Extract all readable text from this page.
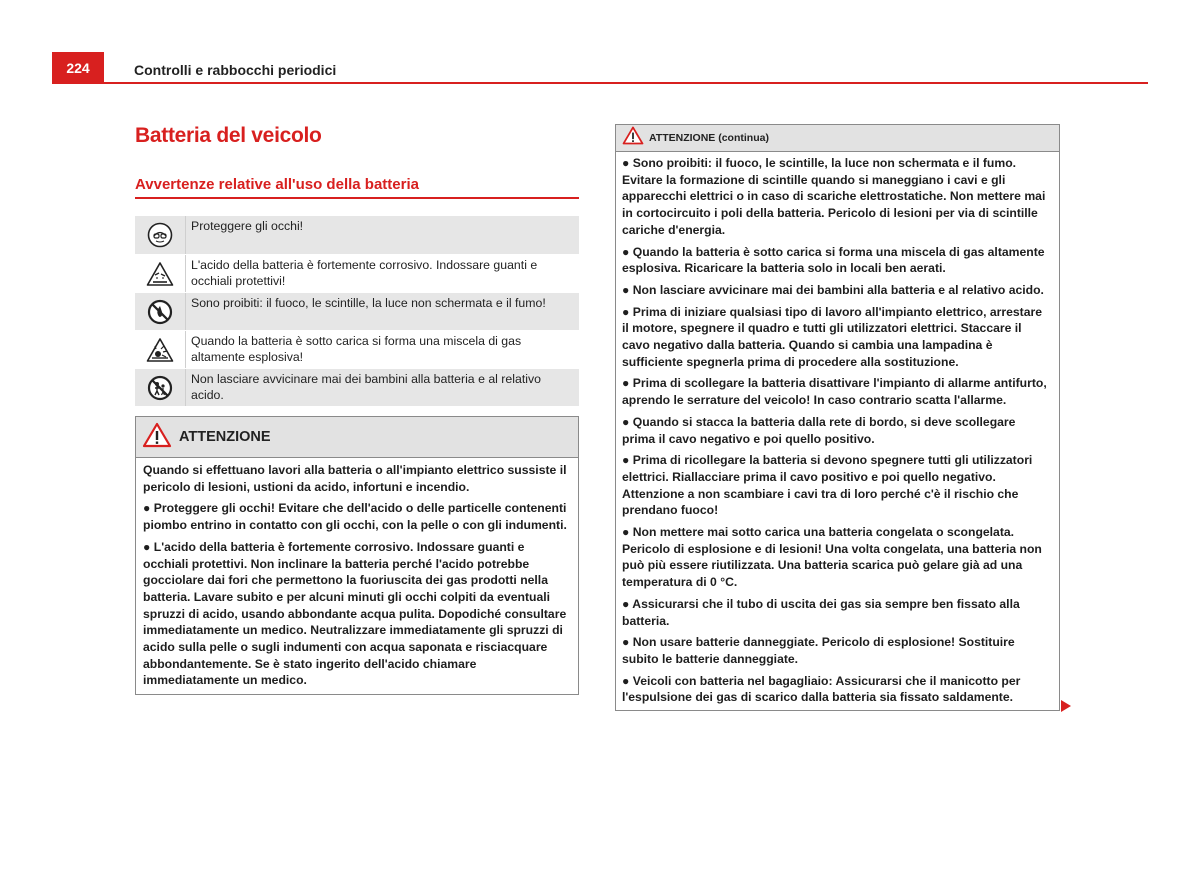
224	Controlli e rabbocchi periodici
Batteria del veicolo
Avvertenze relative all'uso della batteria
Proteggere gli occhi!
L'acido della batteria è fortemente corrosivo. Indossare guanti e occhiali protettivi!
Sono proibiti: il fuoco, le scintille, la luce non schermata e il fumo!
Quando la batteria è sotto carica si forma una miscela di gas altamente esplosiva!
Non lasciare avvicinare mai dei bambini alla batteria e al relativo acido.
ATTENZIONE

Quando si effettuano lavori alla batteria o all'impianto elettrico sussiste il pericolo di lesioni, ustioni da acido, infortuni e incendio.

● Proteggere gli occhi! Evitare che dell'acido o delle particelle contenenti piombo entrino in contatto con gli occhi, con la pelle o con gli indumenti.

● L'acido della batteria è fortemente corrosivo. Indossare guanti e occhiali protettivi. Non inclinare la batteria perché l'acido potrebbe gocciolare dai fori che permettono la fuoriuscita dei gas prodotti nella batteria. Lavare subito e per alcuni minuti gli occhi colpiti da eventuali spruzzi di acido, usando abbondante acqua pulita. Dopodiché consultare immediatamente un medico. Neutralizzare immediatamente gli spruzzi di acido sulla pelle o sugli indumenti con acqua saponata e risciacquare abbondantemente. Se è stato ingerito dell'acido chiamare immediatamente un medico.

ATTENZIONE (continua)

● Sono proibiti: il fuoco, le scintille, la luce non schermata e il fumo. Evitare la formazione di scintille quando si maneggiano i cavi e gli apparecchi elettrici o in caso di scariche elettrostatiche. Non mettere mai in cortocircuito i poli della batteria. Pericolo di lesioni per via di scintille cariche d'energia.

● Quando la batteria è sotto carica si forma una miscela di gas altamente esplosiva. Ricaricare la batteria solo in locali ben aerati.

● Non lasciare avvicinare mai dei bambini alla batteria e al relativo acido.

● Prima di iniziare qualsiasi tipo di lavoro all'impianto elettrico, arrestare il motore, spegnere il quadro e tutti gli utilizzatori elettrici. Staccare il cavo negativo dalla batteria. Quando si cambia una lampadina è sufficiente spegnerla prima di procedere alla sostituzione.

● Prima di scollegare la batteria disattivare l'impianto di allarme antifurto, aprendo le serrature del veicolo! In caso contrario scatta l'allarme.

● Quando si stacca la batteria dalla rete di bordo, si deve scollegare prima il cavo negativo e poi quello positivo.

● Prima di ricollegare la batteria si devono spegnere tutti gli utilizzatori elettrici. Riallacciare prima il cavo positivo e poi quello negativo. Attenzione a non scambiare i cavi tra di loro perché c'è il rischio che prendano fuoco!

● Non mettere mai sotto carica una batteria congelata o scongelata. Pericolo di esplosione e di lesioni! Una volta congelata, una batteria non può più essere riutilizzata. Una batteria scarica può gelare già ad una temperatura di 0 °C.

● Assicurarsi che il tubo di uscita dei gas sia sempre ben fissato alla batteria.

● Non usare batterie danneggiate. Pericolo di esplosione! Sostituire subito le batterie danneggiate.

● Veicoli con batteria nel bagagliaio: Assicurarsi che il manicotto per l'espulsione dei gas di scarico dalla batteria sia fissato saldamente.
